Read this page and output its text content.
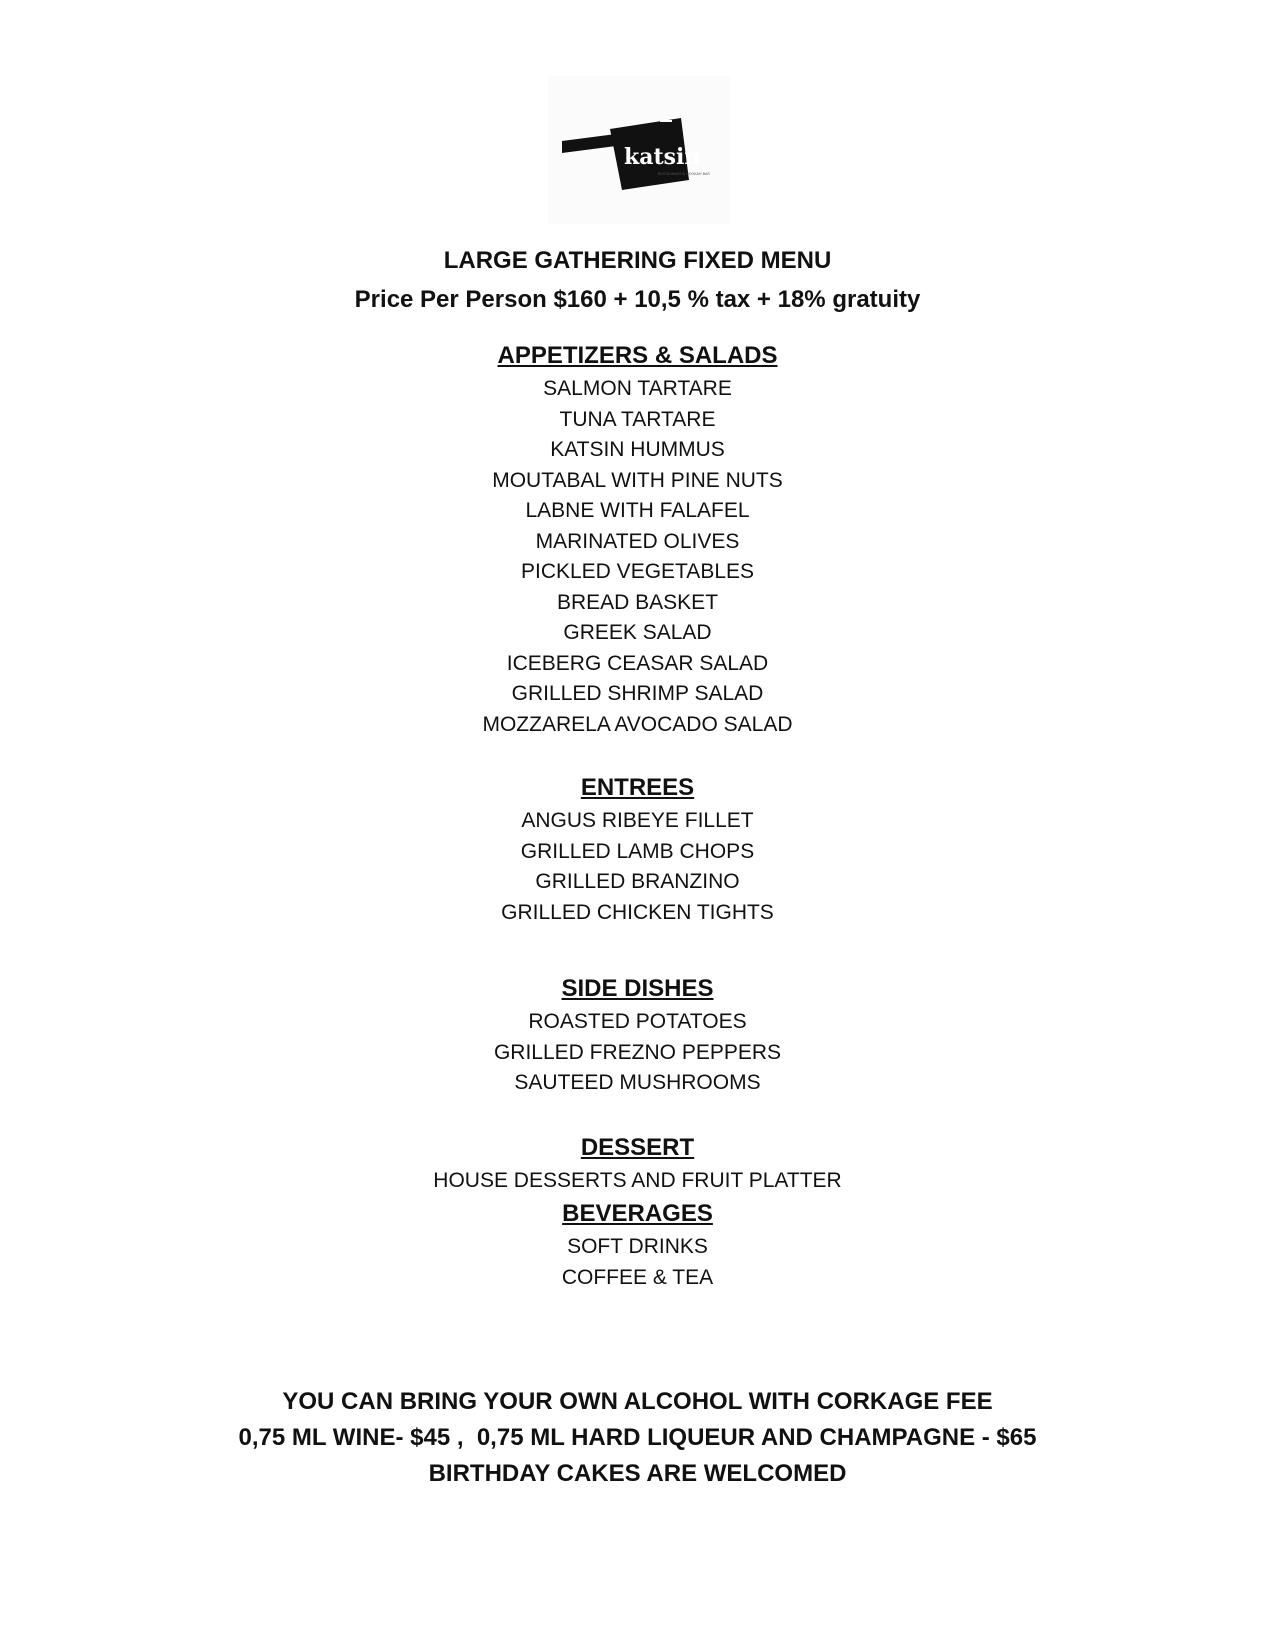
katsin
RESTAURANT & HOOKAH BAR
LARGE GATHERING FIXED MENU
Price Per Person $160 + 10,5 % tax + 18% gratuity
APPETIZERS & SALADS
SALMON TARTARE
TUNA TARTARE
KATSIN HUMMUS
MOUTABAL WITH PINE NUTS
LABNE WITH FALAFEL
MARINATED OLIVES
PICKLED VEGETABLES
BREAD BASKET
GREEK SALAD
ICEBERG CEASAR SALAD
GRILLED SHRIMP SALAD
MOZZARELA AVOCADO SALAD
ENTREES
ANGUS RIBEYE FILLET
GRILLED LAMB CHOPS
GRILLED BRANZINO
GRILLED CHICKEN TIGHTS
SIDE DISHES
ROASTED POTATOES
GRILLED FREZNO PEPPERS
SAUTEED MUSHROOMS
DESSERT
HOUSE DESSERTS AND FRUIT PLATTER
BEVERAGES
SOFT DRINKS
COFFEE & TEA
YOU CAN BRING YOUR OWN ALCOHOL WITH CORKAGE FEE
0,75 ML WINE- $45 ,  0,75 ML HARD LIQUEUR AND CHAMPAGNE - $65
BIRTHDAY CAKES ARE WELCOMED
